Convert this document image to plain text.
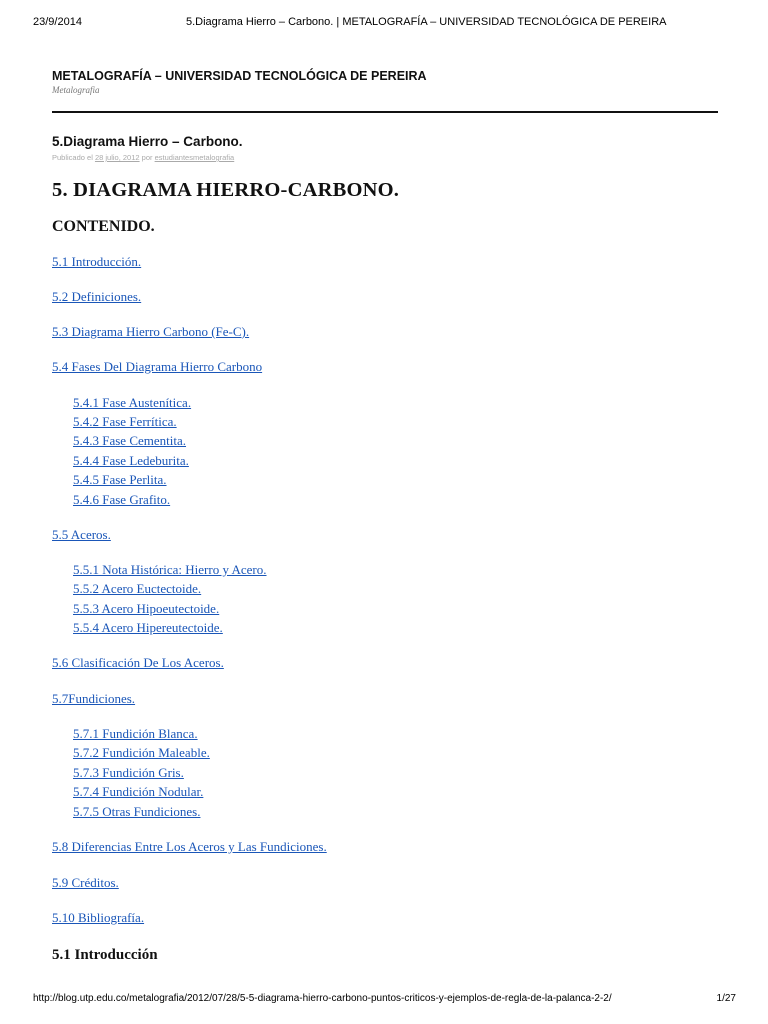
23/9/2014	5.Diagrama Hierro – Carbono. | METALOGRAFÍA – UNIVERSIDAD TECNOLÓGICA DE PEREIRA
METALOGRAFÍA – UNIVERSIDAD TECNOLÓGICA DE PEREIRA
Metalografia
5.Diagrama Hierro – Carbono.
Publicado el 28 julio, 2012 por estudiantesmetalografia
5. DIAGRAMA HIERRO-CARBONO.
CONTENIDO.
5.1 Introducción.
5.2 Definiciones.
5.3 Diagrama Hierro Carbono (Fe-C).
5.4 Fases Del Diagrama Hierro Carbono
5.4.1 Fase Austenítica.
5.4.2 Fase Ferrítica.
5.4.3 Fase Cementita.
5.4.4 Fase Ledeburita.
5.4.5 Fase Perlita.
5.4.6 Fase Grafito.
5.5 Aceros.
5.5.1 Nota Histórica: Hierro y Acero.
5.5.2 Acero Euctectoide.
5.5.3 Acero Hipoeutectoide.
5.5.4 Acero Hipereutectoide.
5.6 Clasificación De Los Aceros.
5.7Fundiciones.
5.7.1 Fundición Blanca.
5.7.2 Fundición Maleable.
5.7.3 Fundición Gris.
5.7.4 Fundición Nodular.
5.7.5 Otras Fundiciones.
5.8 Diferencias Entre Los Aceros y Las Fundiciones.
5.9 Créditos.
5.10 Bibliografía.
5.1 Introducción
http://blog.utp.edu.co/metalografia/2012/07/28/5-5-diagrama-hierro-carbono-puntos-criticos-y-ejemplos-de-regla-de-la-palanca-2-2/	1/27
